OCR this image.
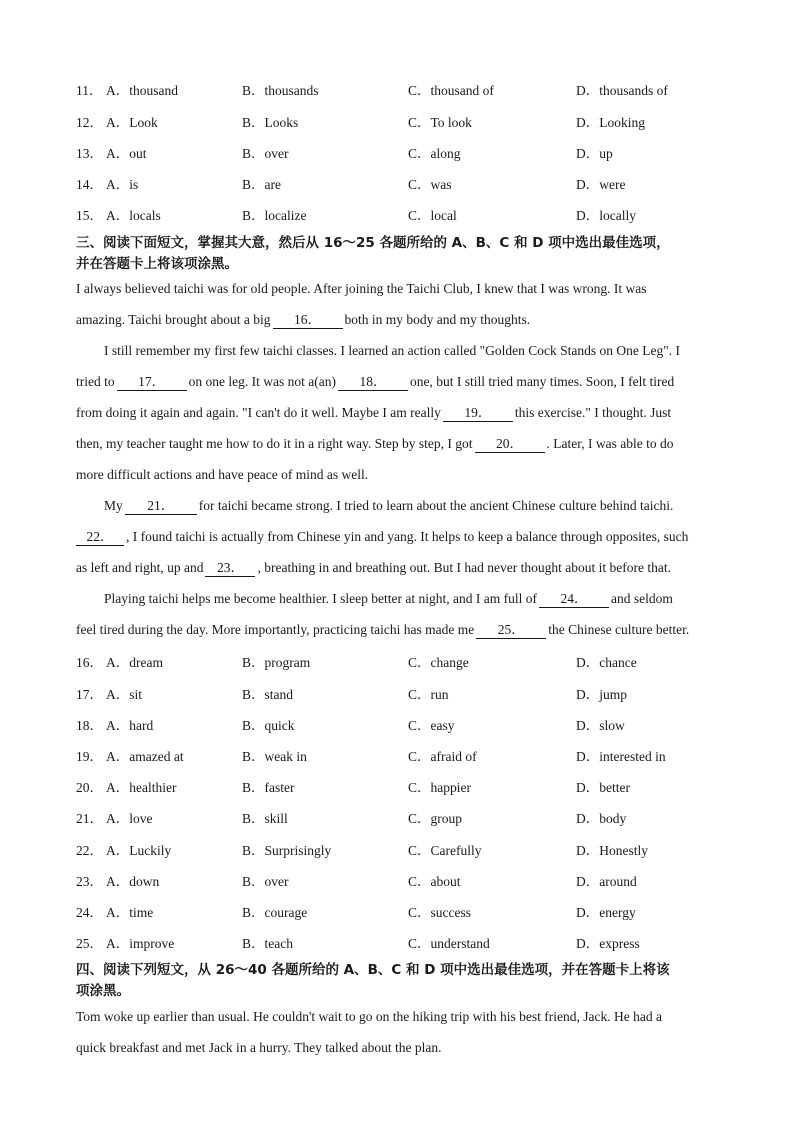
11． A．thousand	B．thousands	C．thousand of	D．thousands of
12． A．Look	B．Looks	C．To look	D．Looking
13． A．out	B．over	C．along	D．up
14． A．is	B．are	C．was	D．were
15． A．locals	B．localize	C．local	D．locally
三、阅读下面短文，掌握其大意，然后从 16～25 各题所给的 A、B、C 和 D 项中选出最佳选项，
并在答题卡上将该项涂黑。
I always believed taichi was for old people. After joining the Taichi Club, I knew that I was wrong. It was
amazing. Taichi brought about a big 16． both in my body and my thoughts.
I still remember my first few taichi classes. I learned an action called "Golden Cock Stands on One Leg". I
tried to 17． on one leg. It was not a(an) 18． one, but I still tried many times. Soon, I felt tired
from doing it again and again. "I can't do it well. Maybe I am really 19． this exercise." I thought. Just
then, my teacher taught me how to do it in a right way. Step by step, I got 20． . Later, I was able to do
more difficult actions and have peace of mind as well.
My 21． for taichi became strong. I tried to learn about the ancient Chinese culture behind taichi.
22． , I found taichi is actually from Chinese yin and yang. It helps to keep a balance through opposites, such
as left and right, up and 23． , breathing in and breathing out. But I had never thought about it before that.
Playing taichi helps me become healthier. I sleep better at night, and I am full of 24． and seldom
feel tired during the day. More importantly, practicing taichi has made me 25． the Chinese culture better.
16． A．dream	B．program	C．change	D．chance
17． A．sit	B．stand	C．run	D．jump
18． A．hard	B．quick	C．easy	D．slow
19． A．amazed at	B．weak in	C．afraid of	D．interested in
20． A．healthier	B．faster	C．happier	D．better
21． A．love	B．skill	C．group	D．body
22． A．Luckily	B．Surprisingly	C．Carefully	D．Honestly
23． A．down	B．over	C．about	D．around
24． A．time	B．courage	C．success	D．energy
25． A．improve	B．teach	C．understand	D．express
四、阅读下列短文，从 26～40 各题所给的 A、B、C 和 D 项中选出最佳选项，并在答题卡上将该
项涂黑。
Tom woke up earlier than usual. He couldn't wait to go on the hiking trip with his best friend, Jack. He had a
quick breakfast and met Jack in a hurry. They talked about the plan.
